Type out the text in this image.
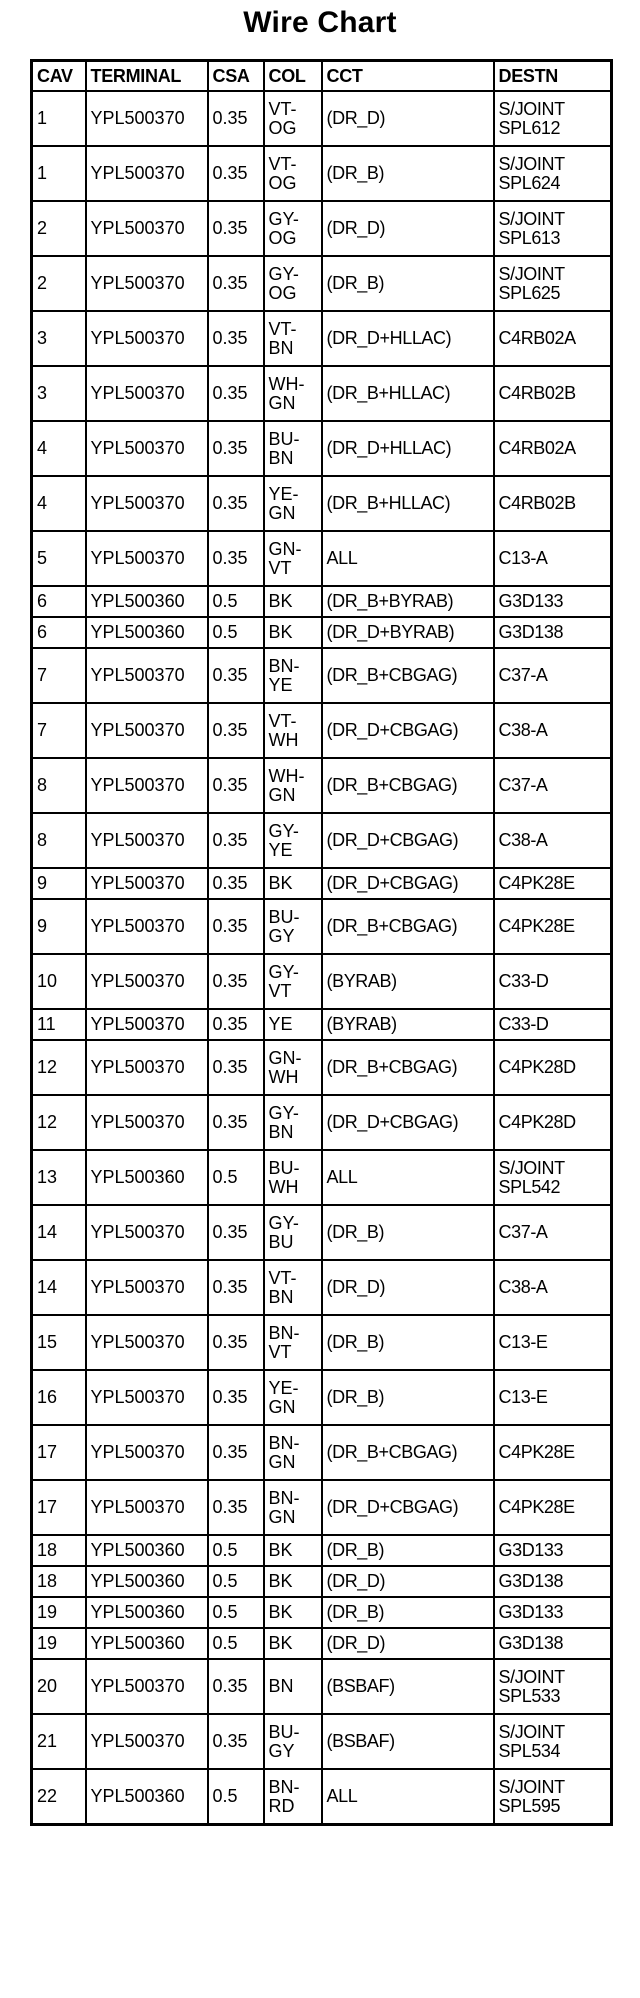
Wire Chart
CAV	TERMINAL	CSA	COL	CCT	DESTN
1	YPL500370	0.35	VT-OG	(DR_D)	S/JOINT SPL612
1	YPL500370	0.35	VT-OG	(DR_B)	S/JOINT SPL624
2	YPL500370	0.35	GY-OG	(DR_D)	S/JOINT SPL613
2	YPL500370	0.35	GY-OG	(DR_B)	S/JOINT SPL625
3	YPL500370	0.35	VT-BN	(DR_D+HLLAC)	C4RB02A
3	YPL500370	0.35	WH-GN	(DR_B+HLLAC)	C4RB02B
4	YPL500370	0.35	BU-BN	(DR_D+HLLAC)	C4RB02A
4	YPL500370	0.35	YE-GN	(DR_B+HLLAC)	C4RB02B
5	YPL500370	0.35	GN-VT	ALL	C13-A
6	YPL500360	0.5	BK	(DR_B+BYRAB)	G3D133
6	YPL500360	0.5	BK	(DR_D+BYRAB)	G3D138
7	YPL500370	0.35	BN-YE	(DR_B+CBGAG)	C37-A
7	YPL500370	0.35	VT-WH	(DR_D+CBGAG)	C38-A
8	YPL500370	0.35	WH-GN	(DR_B+CBGAG)	C37-A
8	YPL500370	0.35	GY-YE	(DR_D+CBGAG)	C38-A
9	YPL500370	0.35	BK	(DR_D+CBGAG)	C4PK28E
9	YPL500370	0.35	BU-GY	(DR_B+CBGAG)	C4PK28E
10	YPL500370	0.35	GY-VT	(BYRAB)	C33-D
11	YPL500370	0.35	YE	(BYRAB)	C33-D
12	YPL500370	0.35	GN-WH	(DR_B+CBGAG)	C4PK28D
12	YPL500370	0.35	GY-BN	(DR_D+CBGAG)	C4PK28D
13	YPL500360	0.5	BU-WH	ALL	S/JOINT SPL542
14	YPL500370	0.35	GY-BU	(DR_B)	C37-A
14	YPL500370	0.35	VT-BN	(DR_D)	C38-A
15	YPL500370	0.35	BN-VT	(DR_B)	C13-E
16	YPL500370	0.35	YE-GN	(DR_B)	C13-E
17	YPL500370	0.35	BN-GN	(DR_B+CBGAG)	C4PK28E
17	YPL500370	0.35	BN-GN	(DR_D+CBGAG)	C4PK28E
18	YPL500360	0.5	BK	(DR_B)	G3D133
18	YPL500360	0.5	BK	(DR_D)	G3D138
19	YPL500360	0.5	BK	(DR_B)	G3D133
19	YPL500360	0.5	BK	(DR_D)	G3D138
20	YPL500370	0.35	BN	(BSBAF)	S/JOINT SPL533
21	YPL500370	0.35	BU-GY	(BSBAF)	S/JOINT SPL534
22	YPL500360	0.5	BN-RD	ALL	S/JOINT SPL595
